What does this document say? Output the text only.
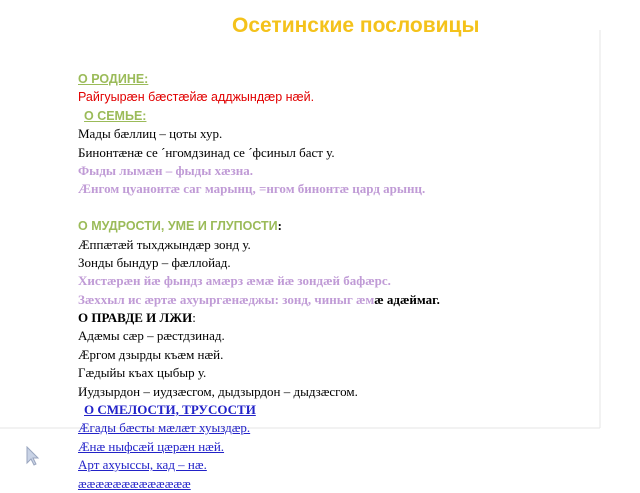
Осетинские пословицы
О РОДИНЕ:
Райгуырæн бæстæйæ адджындæр нæй.
О СЕМЬЕ:
Мады бæллиц – цоты хур.
Бинонтæнæ се ´нгомдзинад се ´фсиныл баст у.
Фыды лымæн – фыды хæзна.
Æнгом цуанонтæ саг марынц, =нгом бинонтæ цард арынц.
О МУДРОСТИ, УМЕ И ГЛУПОСТИ:
Æппæтæй тыхджындæр зонд у.
Зонды бындур – фæллойад.
Хистæрæн йæ фындз амæрз æмæ йæ зондæй бафæрс.
Зæххыл ис æртæ ахуыргæнæджы: зонд, чиныг æмæ адæймаг.
О ПРАВДЕ И ЛЖИ:
Адæмы сæр – рæстдзинад.
Æргом дзырды къæм нæй.
Гæдыйы къах цыбыр у.
Иудзырдон – иудзæсгом, дыдзырдон – дыдзæсгом.
О СМЕЛОСТИ, ТРУСОСТИ
Æгады бæсты мæлæт хуыздæр.
Æнæ ныфсæй цæрæн нæй.
Арт ахуыссы, кад – нæ.
æææææææææææææ
